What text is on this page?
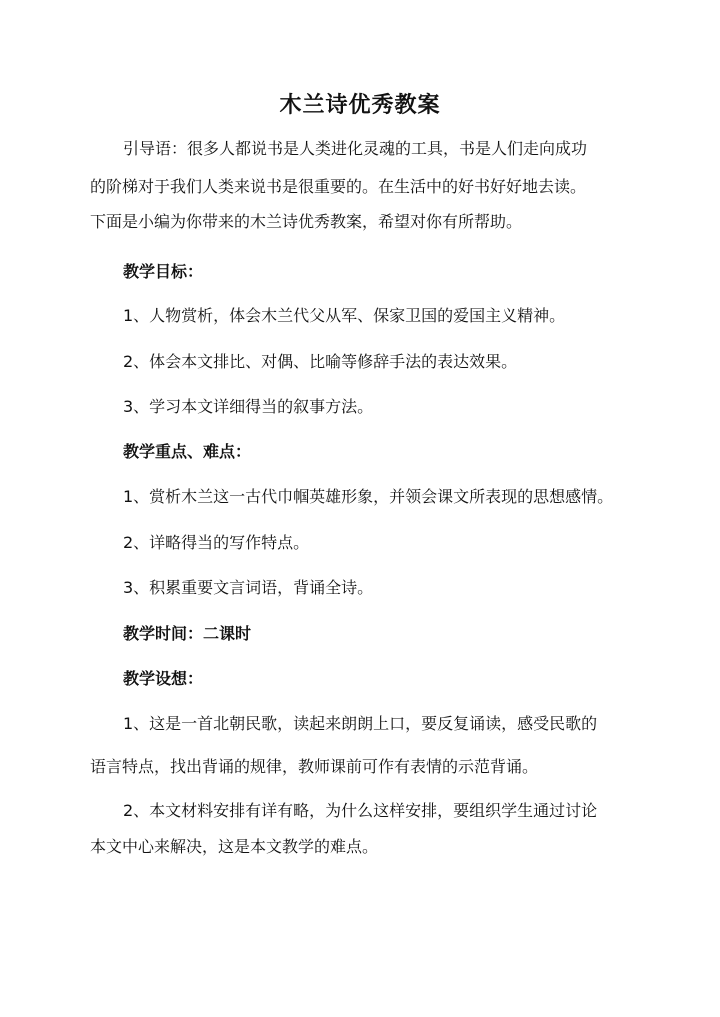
木兰诗优秀教案
引导语：很多人都说书是人类进化灵魂的工具，书是人们走向成功
的阶梯对于我们人类来说书是很重要的。在生活中的好书好好地去读。
下面是小编为你带来的木兰诗优秀教案，希望对你有所帮助。
教学目标：
1、人物赏析，体会木兰代父从军、保家卫国的爱国主义精神。
2、体会本文排比、对偶、比喻等修辞手法的表达效果。
3、学习本文详细得当的叙事方法。
教学重点、难点：
1、赏析木兰这一古代巾帼英雄形象，并领会课文所表现的思想感情。
2、详略得当的写作特点。
3、积累重要文言词语，背诵全诗。
教学时间：二课时
教学设想：
1、这是一首北朝民歌，读起来朗朗上口，要反复诵读，感受民歌的
语言特点，找出背诵的规律，教师课前可作有表情的示范背诵。
2、本文材料安排有详有略，为什么这样安排，要组织学生通过讨论
本文中心来解决，这是本文教学的难点。
